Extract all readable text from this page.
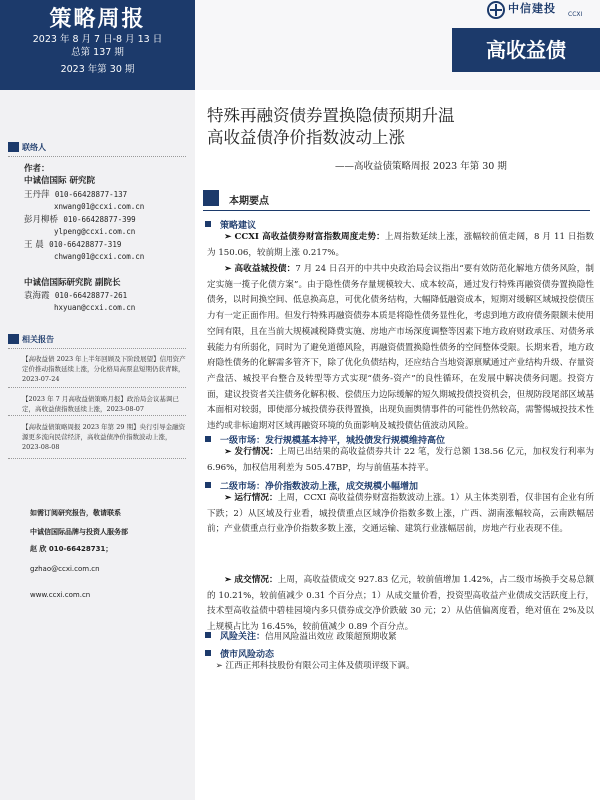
策略周报
2023 年 8 月 7 日-8 月 13 日
总第 137 期
2023 年第 30 期
中信建投 CCXI
高收益债
联络人
作者：
中诚信国际 研究院
王丹萍 010-66428877-137
xnwang01@ccxi.com.cn
彭月柳桥 010-66428877-399
ylpeng@ccxi.com.cn
王 晨 010-66428877-319
chwang01@ccxi.com.cn
中诚信国际研究院 副院长
袁海霞 010-66428877-261
hxyuan@ccxi.com.cn
相关报告
【高收益债 2023 年上半年回顾及下阶段展望】信用资产定价推动指数延续上涨，分化格局高票息短期仍获青睐，2023-07-24
【2023 年 7 月高收益债策略月报】政治局会议基调已定，高收益债指数延续上涨，2023-08-07
【高收益债策略周报 2023 年第 29 期】央行引导金融资源更多流向民营经济，高收益债净价指数波动上涨，2023-08-08
如需订阅研究报告，敬请联系
中诚信国际品牌与投资人服务部
赵 欣 010-66428731；
gzhao@ccxi.com.cn
www.ccxi.com.cn
特殊再融资债券置换隐债预期升温
高收益债净价指数波动上涨
——高收益债策略周报 2023 年第 30 期
本期要点
策略建议
➢ CCXI 高收益债券财富指数周度走势：上周指数延续上涨，涨幅较前值走阔，8 月 11 日指数为 150.06，较前期上涨 0.217%。
➢ 高收益城投债：7 月 24 日召开的中共中央政治局会议指出“要有效防范化解地方债务风险，制定实施一揽子化债方案”。由于隐性债务存量规模较大、成本较高，通过发行特殊再融资债券置换隐性债务，以时间换空间、低息换高息，可优化债务结构，大幅降低融资成本，短期对缓解区域城投偿债压力有一定正面作用。但发行特殊再融资债券本质是将隐性债务显性化，考虑到地方政府债务限额未使用空间有限，且在当前大规模减税降费实施、房地产市场深度调整等因素下地方政府财政承压、对债务承载能力有所弱化，同时为了避免道德风险，再融资债置换隐性债务的空间整体受限。长期来看，地方政府隐性债务的化解需多管齐下，除了优化负债结构，还应结合当地资源禀赋通过产业结构升级、存量资产盘活、城投平台整合及转型等方式实现“债务-资产”的良性循环，在发展中解决债务问题。投资方面，建议投资者关注债务化解积极、偿债压力边际缓解的短久期城投债投资机会，但规防段尾部区域基本面相对较弱，即使部分城投债券获得置换，出现负面舆情事件的可能性仍然较高，需警惕城投技术性违约或非标逾期对区域再融资环境的负面影响及城投债估值波动风险。
一级市场：发行规模基本持平，城投债发行规模维持高位
➢ 发行情况：上周已出结果的高收益债券共计 22 笔，发行总额 138.56 亿元，加权发行利率为 6.96%，加权信用利差为 505.47BP，均与前值基本持平。
二级市场：净价指数波动上涨，成交规模小幅增加
➢ 运行情况：上周，CCXI 高收益债券财富指数波动上涨。1）从主体类别看，仅非国有企业有所下跌；2）从区域及行业看，城投债重点区域净价指数多数上涨，广西、湖南涨幅较高，云南跌幅居前；产业债重点行业净价指数多数上涨，交通运输、建筑行业涨幅居前，房地产行业表现不佳。
➢ 成交情况：上周，高收益债成交 927.83 亿元，较前值增加 1.42%，占二级市场换手交易总额的 10.21%，较前值减少 0.31 个百分点；1）从成交量价看，投资型高收益产业债成交活跃度上行，技术型高收益债中碧桂园境内多只债券成交净价跌破 30 元；2）从估值偏离度看，绝对值在 2%及以上规模占比为 16.45%，较前值减少 0.89 个百分点。
风险关注：信用风险溢出效应 政策超预期收紧
债市风险动态
➢ 江西正邦科技股份有限公司主体及债项评级下调。
